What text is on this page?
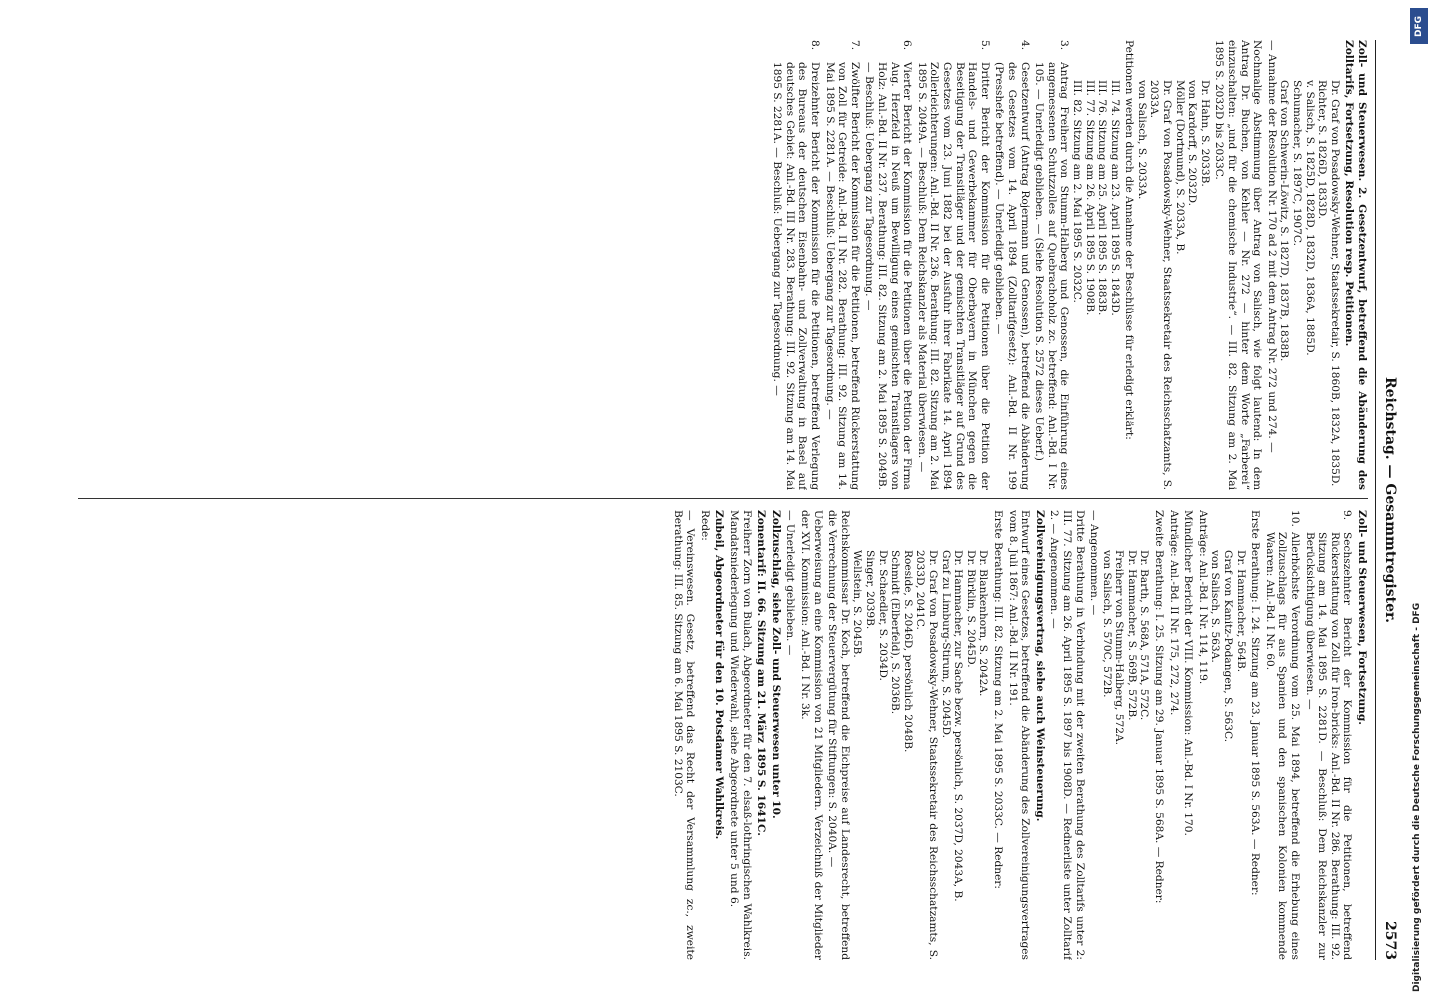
Reichstag. — Gesammtregister.
2573
Zoll- und Steuerwesen. 2. Gesetzentwurf, betreffend die Abänderung des Zolltarifs, Fortsetzung, Resolution resp. Petitionen.
Dr. Graf von Posadowsky-Wehner, Staatssekretair, S. 1860B, 1832A, 1835D.
Richter, S. 1826D, 1833D.
v. Salisch, S. 1825D, 1828D, 1832D, 1836A, 1885D.
Schumacher, S. 1897C, 1907C.
Graf von Schwerin-Löwitz, S. 1827D, 1837B, 1838B.
— Annahme der Resolution Nr. 170 ad 2 mit dem Antrag Nr. 272 und 274. —
Nochmalige Abstimmung über Antrag von Salisch, wie folgt lautend: In dem Antrag Dr. Buchen, von Kehler — Nr. 272 — hinter dem Worte „Farberei“ einzuschalten: „und für die chemische Industrie“. — III. 82. Sitzung am 2. Mai 1895 S. 2032D bis 2033C.
Dr. Hahn, S. 2033B.
von Kardorff, S. 2032D.
Möller (Dortmund), S. 2033A, B.
Dr. Graf von Posadowsky-Wehner, Staatssekretair des Reichsschatzamts, S. 2033A.
von Salisch, S. 2033A.
Petitionen werden durch die Annahme der Beschlüsse für erledigt erklärt:
III. 74. Sitzung am 23. April 1895 S. 1843D.
III. 76. Sitzung am 25. April 1895 S. 1883B.
III. 77. Sitzung am 26. April 1895 S. 1908B.
III. 82. Sitzung am 2. Mai 1895 S. 2032C.
3.
Antrag Freiherr von Stumm-Halberg und Genossen, die Einführung eines angemessenen Schutzzolles auf Quebrachoholz zc. betreffend: Anl.-Bd. I Nr. 105. — Unerledigt geblieben. — (Siehe Resolution S. 2572 dieses Ueberf.)
4.
Gesetzentwurf (Antrag Rojermann und Genossen), betreffend die Abänderung des Gesetzes vom 14. April 1894 (Zolltarifgesetz): Anl.-Bd. II Nr. 199 (Presshefe betreffend). — Unerledigt geblieben. —
5.
Dritter Bericht der Kommission für die Petitionen über die Petition der Handels- und Gewerbekammer für Oberbayern in München gegen die Beseitigung der Transitläger und der gemischten Transitläger auf Grund des Gesetzes vom 23. Juni 1882 bei der Ausfuhr ihrer Fabrikate 14. April 1894 Zollerleichterungen: Anl.-Bd. II Nr. 236. Berathung: III. 82. Sitzung am 2. Mai 1895 S. 2049A. — Beschluß: Dem Reichskanzler als Material überwiesen. —
6.
Vierter Bericht der Kommission für die Petitionen über die Petition der Firma Aug. Herzfeld in Neuß um Bewilligung eines gemischten Transitlagers von Holz: Anl.-Bd. II Nr. 237. Berathung: III. 82. Sitzung am 2. Mai 1895 S. 2049B. — Beschluß: Uebergang zur Tagesordnung. —
7.
Zwölfter Bericht der Kommission für die Petitionen, betreffend Rückerstattung von Zoll für Getreide: Anl.-Bd. II Nr. 282. Berathung: III. 92. Sitzung am 14. Mai 1895 S. 2281A. — Beschluß: Uebergang zur Tagesordnung. —
8.
Dreizehnter Bericht der Kommission für die Petitionen, betreffend Verlegung des Bureaus der deutschen Eisenbahn- und Zollverwaltung in Basel auf deutsches Gebiet: Anl.-Bd. III Nr. 283. Berathung: III. 92. Sitzung am 14. Mai 1895 S. 2281A. — Beschluß: Uebergang zur Tagesordnung. —
Zoll- und Steuerwesen, Fortsetzung.
9.
Sechszehnter Bericht der Kommission für die Petitionen, betreffend Rückerstattung von Zoll für Iron-bricks: Anl.-Bd. II Nr. 286. Berathung: III. 92. Sitzung am 14. Mai 1895 S. 2281D. — Beschluß: Dem Reichskanzler zur Berücksichtigung überwiesen. —
10.
Allerhöchste Verordnung vom 25. Mai 1894, betreffend die Erhebung eines Zollzuschlags für aus Spanien und den spanischen Kolonien kommende Waaren: Anl.-Bd. I Nr. 60.
Erste Berathung: I. 24. Sitzung am 23. Januar 1895 S. 563A. — Redner:
Dr. Hammacher, 564B.
Graf von Kanitz-Podangen, S. 563C.
von Salisch, S. 563A.
Anträge: Anl.-Bd. I Nr. 114, 119.
Mündlicher Bericht der VIII. Kommission: Anl.-Bd. I Nr. 170.
Anträge: Anl.-Bd. II Nr. 175, 272, 274.
Zweite Berathung: I. 25. Sitzung am 29. Januar 1895 S. 568A. — Redner:
Dr. Barth, S. 568A, 571A, 572C.
Dr. Hammacher, S. 569B, 572B.
Freiherr von Stumm-Halberg, 572A.
von Salisch, S. 570C, 572B.
— Angenommen. —
Dritte Berathung in Verbindung mit der zweiten Berathung des Zolltarifs unter 2: III. 77. Sitzung am 26. April 1895 S. 1897 bis 1908D. — Rednerliste unter Zolltarif 2. — Angenommen. —
Zollvereinigungsvertrag, siehe auch Weinsteuerung.
Entwurf eines Gesetzes, betreffend die Abänderung des Zollvereinigungsvertrages vom 8. Juli 1867: Anl.-Bd. II Nr. 191.
Erste Berathung: III. 82. Sitzung am 2. Mai 1895 S. 2033C. — Redner:
Dr. Blankenhorn, S. 2042A.
Dr. Bürklin, S. 2045D.
Dr. Hammacher, zur Sache bezw. persönlich, S. 2037D, 2043A, B.
Graf zu Limburg-Stirum, S. 2045D.
Dr. Graf von Posadowsky-Wehner, Staatssekretair des Reichsschatzamts, S. 2033D, 2041C.
Roeside, S. 2046D, persönlich 2048B.
Schmidt (Elberfeld), S. 2036B.
Dr. Schaedler, S. 2034D.
Singer, 2039B.
Wellstein, S. 2045B.
Reichskommissar Dr. Koch, betreffend die Eichpreise auf Landesrecht, betreffend die Verrechnung der Steuervergütung für Stiftungen: S. 2040A. —
Ueberweisung an eine Kommission von 21 Mitgliedern. Verzeichniß der Mitglieder der XVI. Kommission: Anl.-Bd. I Nr. 3k.
— Unerledigt geblieben. —
Zollzuschlag, siehe Zoll- und Steuerwesen unter 10.
Zonentarif: II. 66. Sitzung am 21. März 1895 S. 1641C.
Freiherr Zorn von Bulach, Abgeordneter für den 7. elsaß-lothringischen Wahlkreis. Mandatsniederlegung und Wiederwahl, siehe Abgeordnete unter 5 und 6.
Zubeil, Abgeordneter für den 10. Potsdamer Wahlkreis.
Rede:
— Vereinswesen. Gesetz, betreffend das Recht der Versammlung zc., zweite Berathung: III. 85. Sitzung am 6. Mai 1895 S. 2103C.
DFG
Digitalisierung gefördert durch die Deutsche Forschungsgemeinschaft - DFG
